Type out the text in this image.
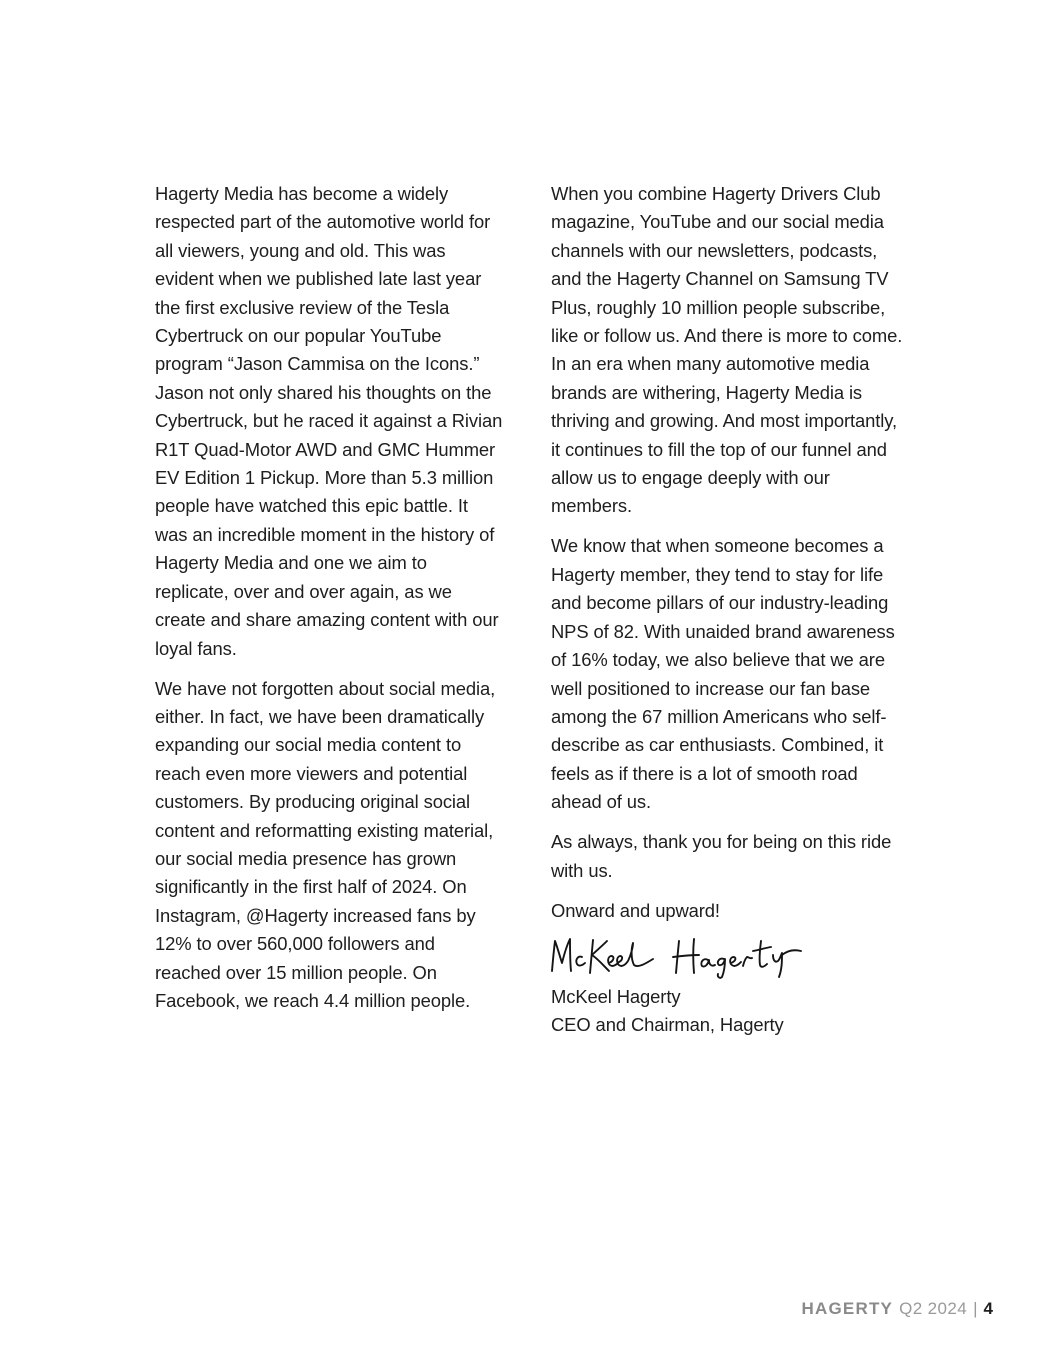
Hagerty Media has become a widely respected part of the automotive world for all viewers, young and old. This was evident when we published late last year the first exclusive review of the Tesla Cybertruck on our popular YouTube program “Jason Cammisa on the Icons.” Jason not only shared his thoughts on the Cybertruck, but he raced it against a Rivian R1T Quad-Motor AWD and GMC Hummer EV Edition 1 Pickup. More than 5.3 million people have watched this epic battle. It was an incredible moment in the history of Hagerty Media and one we aim to replicate, over and over again, as we create and share amazing content with our loyal fans.

We have not forgotten about social media, either. In fact, we have been dramatically expanding our social media content to reach even more viewers and potential customers. By producing original social content and reformatting existing material, our social media presence has grown significantly in the first half of 2024. On Instagram, @Hagerty increased fans by 12% to over 560,000 followers and reached over 15 million people. On Facebook, we reach 4.4 million people.

When you combine Hagerty Drivers Club magazine, YouTube and our social media channels with our newsletters, podcasts, and the Hagerty Channel on Samsung TV Plus, roughly 10 million people subscribe, like or follow us. And there is more to come. In an era when many automotive media brands are withering, Hagerty Media is thriving and growing. And most importantly, it continues to fill the top of our funnel and allow us to engage deeply with our members.

We know that when someone becomes a Hagerty member, they tend to stay for life and become pillars of our industry-leading NPS of 82. With unaided brand awareness of 16% today, we also believe that we are well positioned to increase our fan base among the 67 million Americans who self-describe as car enthusiasts. Combined, it feels as if there is a lot of smooth road ahead of us.

As always, thank you for being on this ride with us.

Onward and upward!

McKeel Hagerty

CEO and Chairman, Hagerty

HAGERTY Q2 2024 | 4
